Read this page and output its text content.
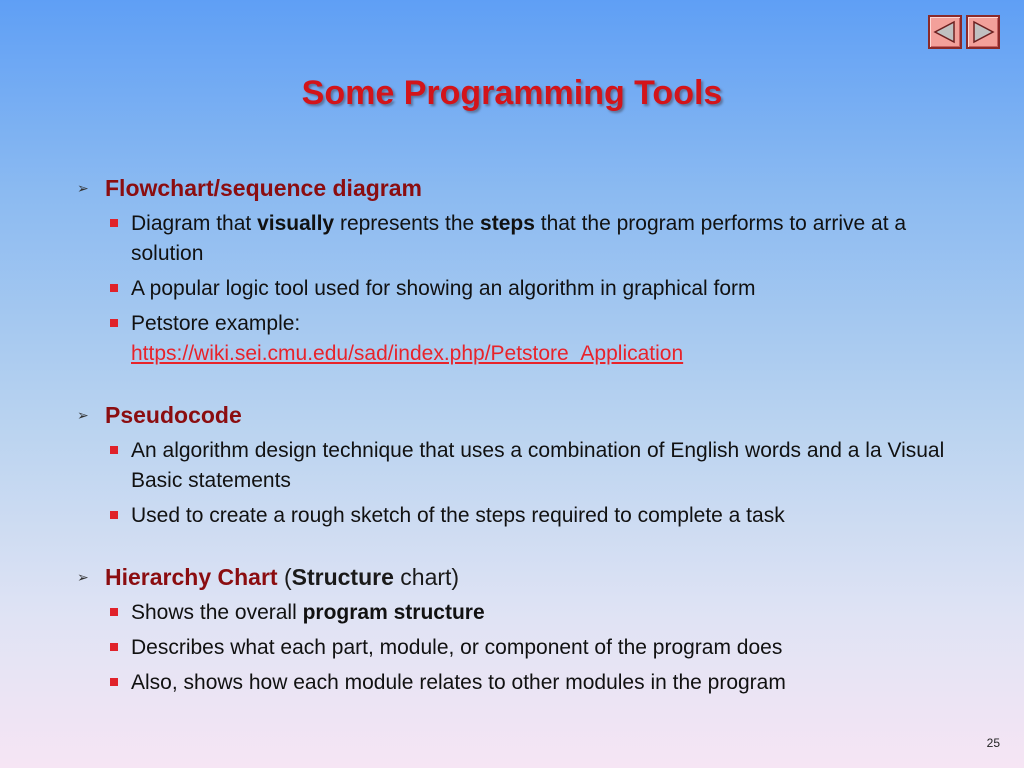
Some Programming Tools
➢ Flowchart/sequence diagram
Diagram that visually represents the steps that the program performs to arrive at a solution
A popular logic tool used for showing an algorithm in graphical form
Petstore example:
https://wiki.sei.cmu.edu/sad/index.php/Petstore_Application
➢ Pseudocode
An algorithm design technique that uses a combination of English words and a la Visual Basic statements
Used to create a rough sketch of the steps required to complete a task
➢ Hierarchy Chart (Structure chart)
Shows the overall program structure
Describes what each part, module, or component of the program does
Also, shows how each module relates to other modules in the program
25
